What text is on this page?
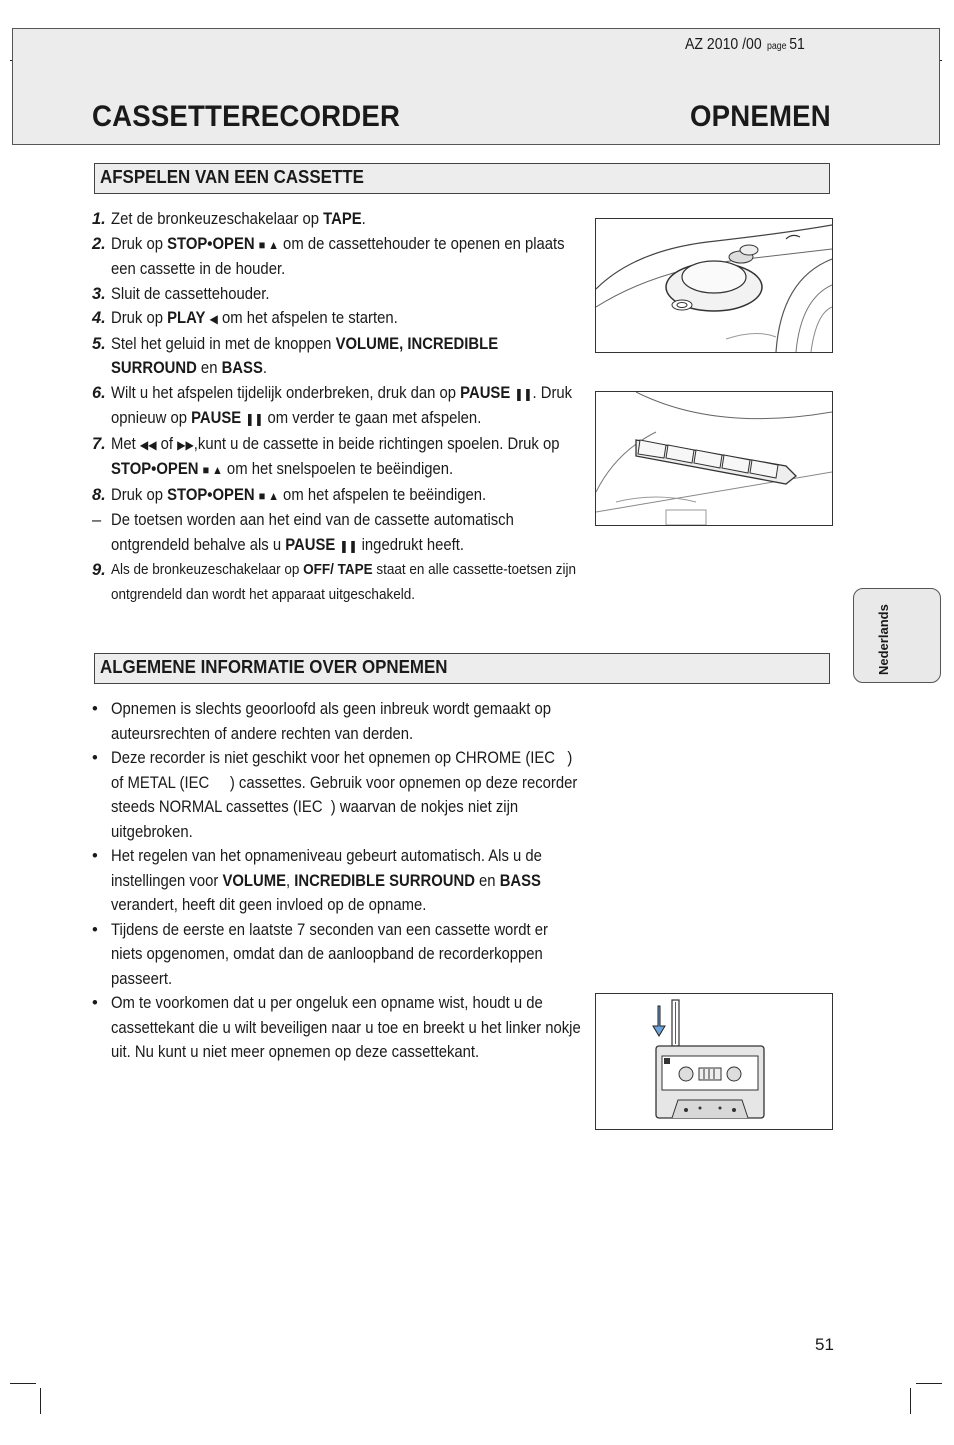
AZ 2010 /00 page 51
CASSETTERECORDER	OPNEMEN
AFSPELEN VAN EEN CASSETTE
1. Zet de bronkeuzeschakelaar op TAPE.
2. Druk op STOP•OPEN ■ ▲ om de cassettehouder te openen en plaats een cassette in de houder.
3. Sluit de cassettehouder.
4. Druk op PLAY ◀ om het afspelen te starten.
5. Stel het geluid in met de knoppen VOLUME, INCREDIBLE SURROUND en BASS.
6. Wilt u het afspelen tijdelijk onderbreken, druk dan op PAUSE ❚❚. Druk opnieuw op PAUSE ❚❚ om verder te gaan met afspelen.
7. Met ◀◀ of ▶▶,kunt u de cassette in beide richtingen spoelen. Druk op STOP•OPEN ■ ▲ om het snelspoelen te beëindigen.
8. Druk op STOP•OPEN ■ ▲ om het afspelen te beëindigen.
– De toetsen worden aan het eind van de cassette automatisch ontgrendeld behalve als u PAUSE ❚❚ ingedrukt heeft.
9. Als de bronkeuzeschakelaar op OFF/ TAPE staat en alle cassette-toetsen zijn ontgrendeld dan wordt het apparaat uitgeschakeld.
ALGEMENE INFORMATIE OVER OPNEMEN
• Opnemen is slechts geoorloofd als geen inbreuk wordt gemaakt op auteursrechten of andere rechten van derden.
• Deze recorder is niet geschikt voor het opnemen op CHROME (IEC   ) of METAL (IEC     ) cassettes. Gebruik voor opnemen op deze recorder steeds NORMAL cassettes (IEC  ) waarvan de nokjes niet zijn uitgebroken.
• Het regelen van het opnameniveau gebeurt automatisch. Als u de instellingen voor VOLUME, INCREDIBLE SURROUND en BASS verandert, heeft dit geen invloed op de opname.
• Tijdens de eerste en laatste 7 seconden van een cassette wordt er niets opgenomen, omdat dan de aanloopband de recorderkoppen passeert.
• Om te voorkomen dat u per ongeluk een opname wist, houdt u de cassettekant die u wilt beveiligen naar u toe en breekt u het linker nokje uit. Nu kunt u niet meer opnemen op deze cassettekant.
Nederlands
51
